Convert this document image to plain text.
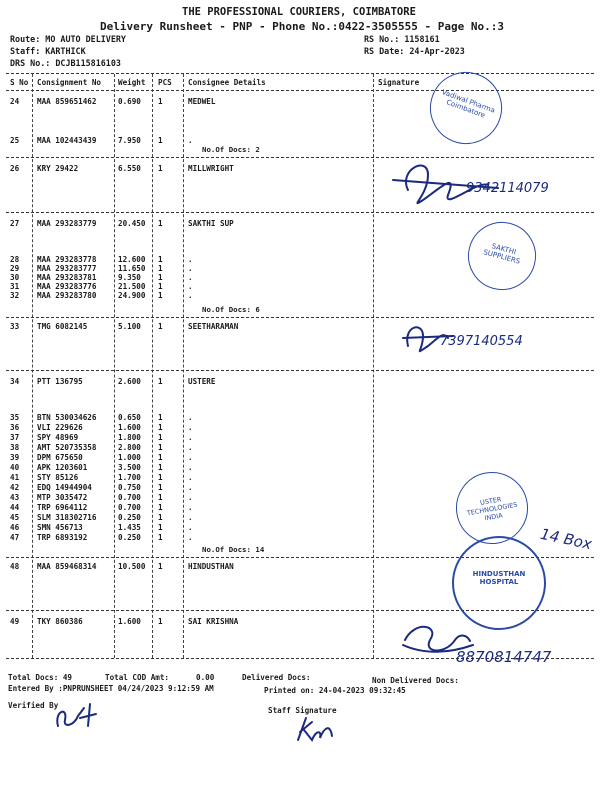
THE PROFESSIONAL COURIERS, COIMBATORE
Delivery Runsheet - PNP - Phone No.:0422-3505555 - Page No.:3
Route: MO AUTO DELIVERY
Staff: KARTHICK
DRS No.: DCJB115816103
RS No.: 1158161
RS Date: 24-Apr-2023
S No Consignment No Weight PCS Consignee Details	Signature
24 MAA 859651462	0.690 1	MEDWEL
25 MAA 102443439	7.950 1	.
No.Of Docs: 2
26 KRY 29422	6.550 1	MILLWRIGHT
27 MAA 293283779	20.450 1	SAKTHI SUP
28 MAA 293283778	12.600 1	.
29 MAA 293283777	11.650 1	.
30 MAA 293283781	9.350 1	.
31 MAA 293283776	21.500 1	.
32 MAA 293283780	24.900 1	.
No.Of Docs: 6
33 TMG 6082145	5.100 1	SEETHARAMAN
34 PTT 136795	2.600 1	USTERE
35 BTN 530034626	0.650 1	.
36 VLI 229626	1.600 1	.
37 SPY 48969	1.800 1	.
38 AMT 520735358	2.800 1	.
39 DPM 675650	1.000 1	.
40 APK 1203601	3.500 1	.
41 STY 85126	1.700 1	.
42 EDQ 14944904	0.750 1	.
43 MTP 3035472	0.700 1	.
44 TRP 6964112	0.700 1	.
45 SLM 318302716	0.250 1	.
46 SMN 456713	1.435 1	.
47 TRP 6893192	0.250 1	.
No.Of Docs: 14
48 MAA 859468314	10.500 1	HINDUSTHAN
49 TKY 860386	1.600 1	SAI KRISHNA
Vadiwal Pharma Coimbatore
9342114079
SAKTHI SUPPLIERS
7397140554
USTER TECHNOLOGIES INDIA
14 Box
HINDUSTHAN HOSPITAL
8870814747
Total Docs: 49	Total COD Amt:	0.00	Delivered Docs:	Non Delivered Docs:
Entered By :PNPRUNSHEET 04/24/2023 9:12:59 AM	Printed on: 24-04-2023 09:32:45
Verified By
Staff Signature
